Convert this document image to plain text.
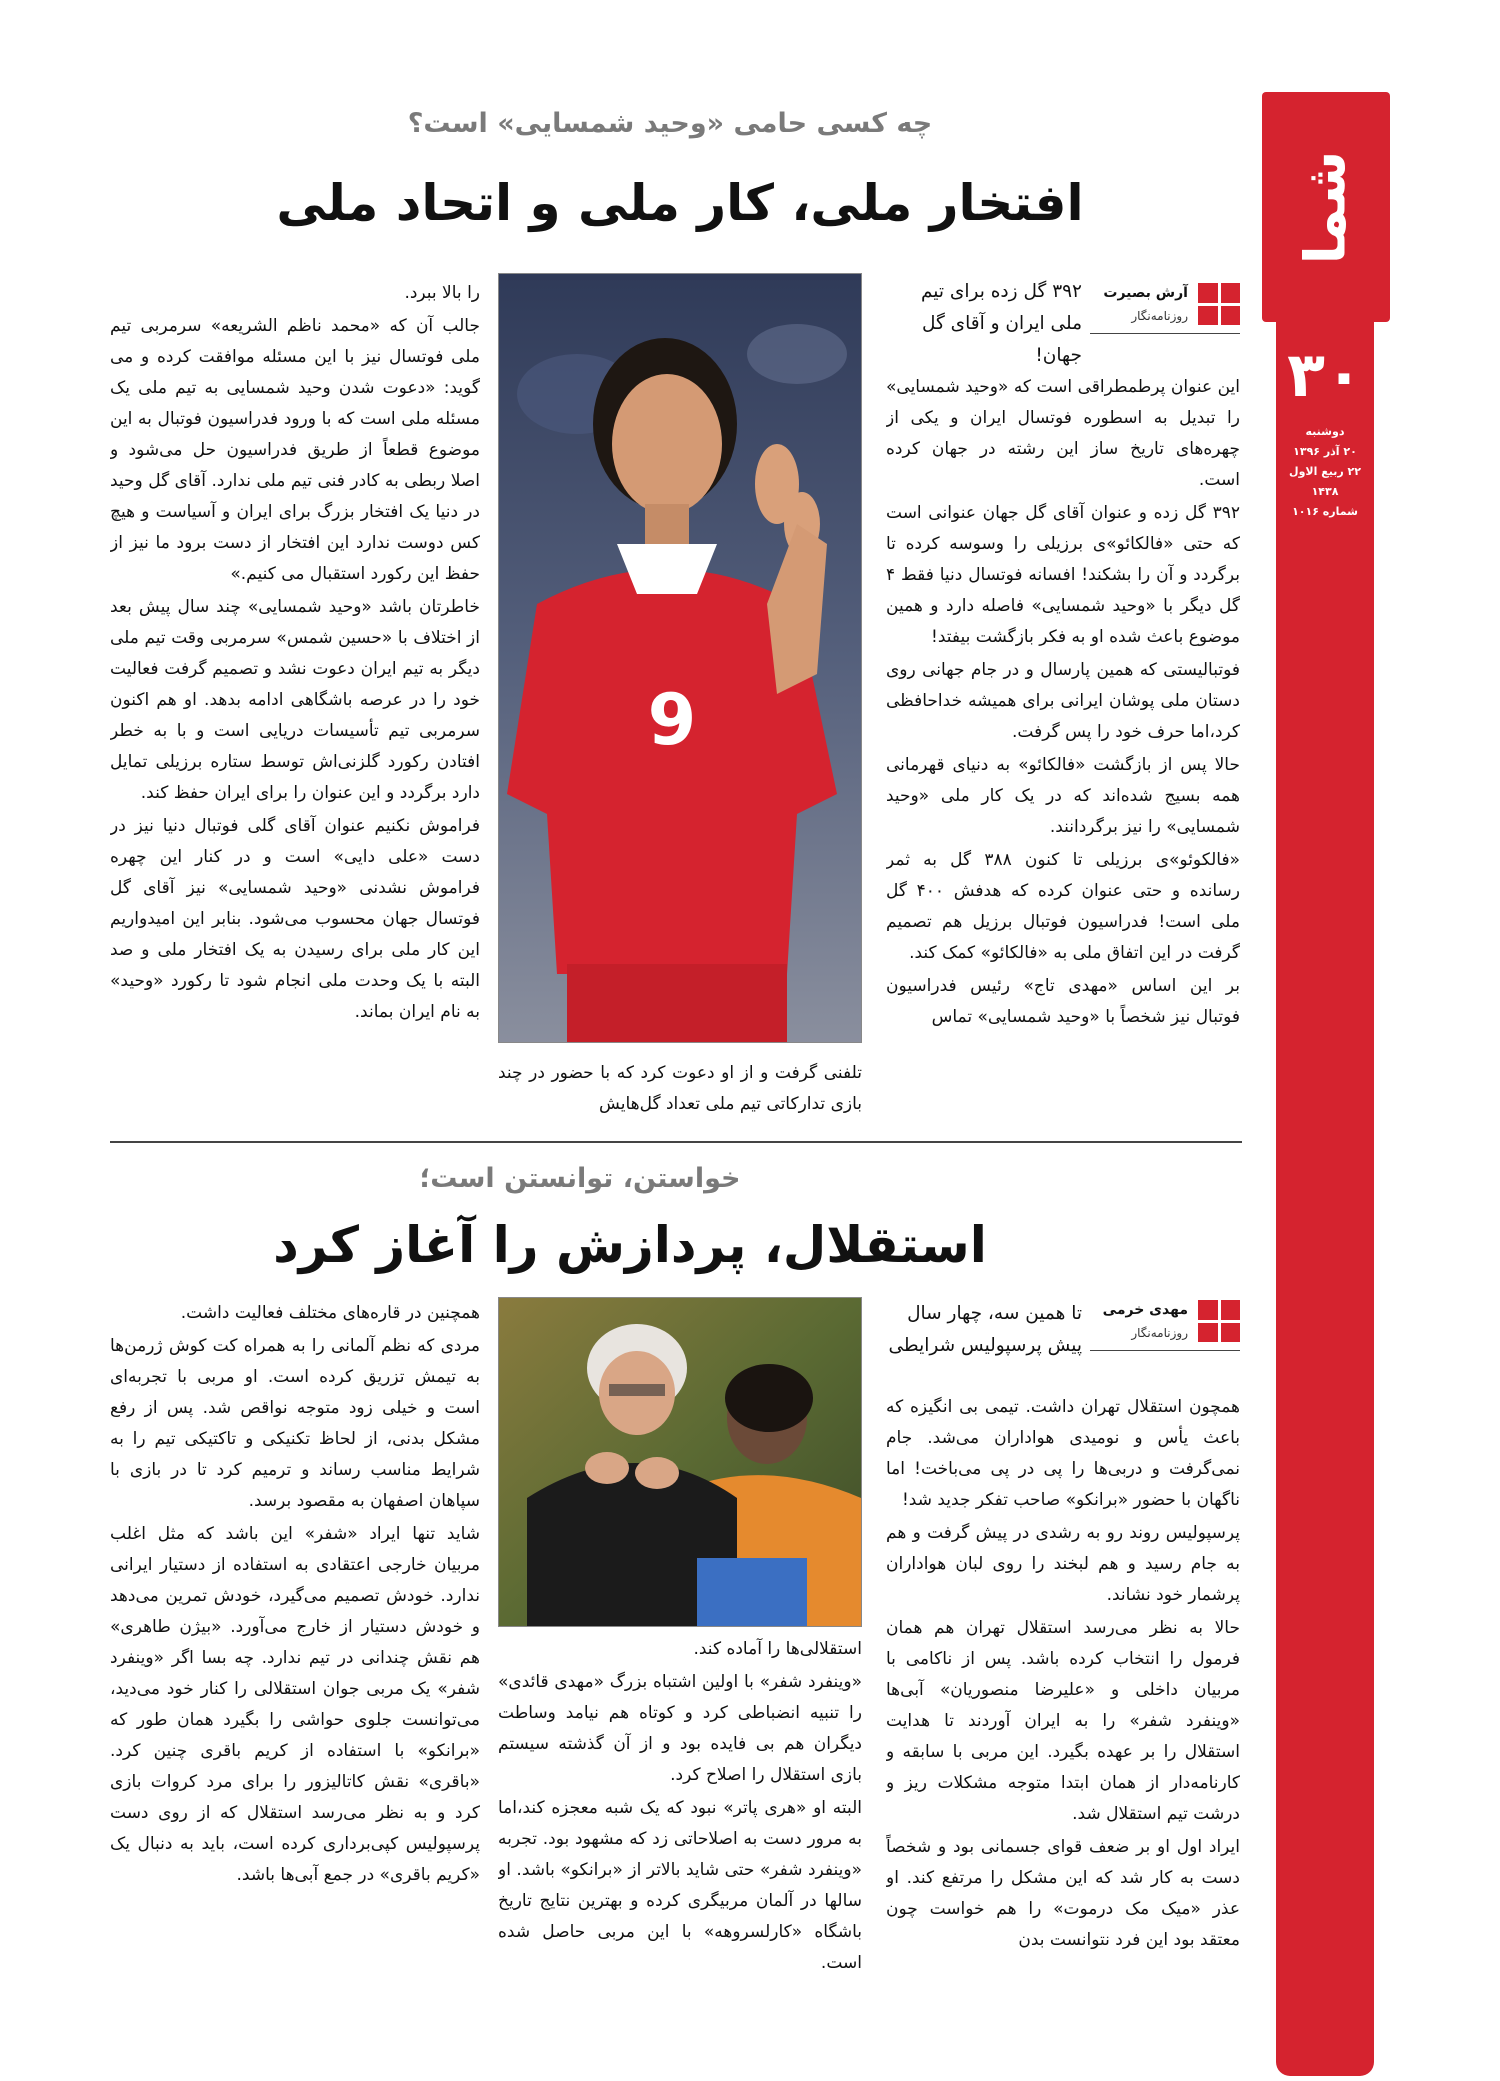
شما
۳۰
دوشنبه
۲۰ آذر ۱۳۹۶
۲۲ ربیع الاول ۱۴۳۸
شماره ۱۰۱۶
چه کسی حامی «وحید شمسایی» است؟
افتخار ملی، کار ملی و اتحاد ملی
آرش بصیرت
روزنامه‌نگار
۳۹۲ گل زده برای تیم ملی ایران و آقای گل جهان!

این عنوان پرطمطراقی است که «وحید شمسایی» را تبدیل به اسطوره فوتسال ایران و یکی از چهره‌های تاریخ ساز این رشته در جهان کرده است.

۳۹۲ گل زده و عنوان آقای گل جهان عنوانی است که حتی «فالکائو»ی برزیلی را وسوسه کرده تا برگردد و آن را بشکند! افسانه فوتسال دنیا فقط ۴ گل دیگر با «وحید شمسایی» فاصله دارد و همین موضوع باعث شده او به فکر بازگشت بیفتد!

فوتبالیستی که همین پارسال و در جام جهانی روی دستان ملی پوشان ایرانی برای همیشه خداحافظی کرد،اما حرف خود را پس گرفت.

حالا پس از بازگشت «فالکائو» به دنیای قهرمانی همه بسیج شده‌اند که در یک کار ملی «وحید شمسایی» را نیز برگردانند.

«فالکوئو»ی برزیلی تا کنون ۳۸۸ گل به ثمر رسانده و حتی عنوان کرده که هدفش ۴۰۰ گل ملی است! فدراسیون فوتبال برزیل هم تصمیم گرفت در این اتفاق ملی به «فالکائو» کمک کند.

بر این اساس «مهدی تاج» رئیس فدراسیون فوتبال نیز شخصاً با «وحید شمسایی» تماس

9
تلفنی گرفت و از او دعوت کرد که با حضور در چند بازی تدارکاتی تیم ملی تعداد گل‌هایش

را بالا ببرد.

جالب آن که «محمد ناظم الشریعه» سرمربی تیم ملی فوتسال نیز با این مسئله موافقت کرده و می گوید: «دعوت شدن وحید شمسایی به تیم ملی یک مسئله ملی است که با ورود فدراسیون فوتبال به این موضوع قطعاً از طریق فدراسیون حل می‌شود و اصلا ربطی به کادر فنی تیم ملی ندارد. آقای گل وحید در دنیا یک افتخار بزرگ برای ایران و آسیاست و هیچ کس دوست ندارد این افتخار از دست برود ما نیز از حفظ این رکورد استقبال می کنیم.»

خاطرتان باشد «وحید شمسایی» چند سال پیش بعد از اختلاف با «حسین شمس» سرمربی وقت تیم ملی دیگر به تیم ایران دعوت نشد و تصمیم گرفت فعالیت خود را در عرصه باشگاهی ادامه بدهد. او هم اکنون سرمربی تیم تأسیسات دریایی است و با به خطر افتادن رکورد گلزنی‌اش توسط ستاره برزیلی تمایل دارد برگردد و این عنوان را برای ایران حفظ کند.

فراموش نکنیم عنوان آقای گلی فوتبال دنیا نیز در دست «علی دایی» است و در کنار این چهره فراموش نشدنی «وحید شمسایی» نیز آقای گل فوتسال جهان محسوب می‌شود. بنابر این امیدواریم این کار ملی برای رسیدن به یک افتخار ملی و صد البته با یک وحدت ملی انجام شود تا رکورد «وحید» به نام ایران بماند.

خواستن، توانستن است؛
استقلال، پردازش را آغاز کرد
مهدی خرمی
روزنامه‌نگار
تا همین سه، چهار سال پیش پرسپولیس شرایطی

همچون استقلال تهران داشت. تیمی بی انگیزه که باعث یأس و نومیدی هواداران می‌شد. جام نمی‌گرفت و دربی‌ها را پی در پی می‌باخت! اما ناگهان با حضور «برانکو» صاحب تفکر جدید شد!

پرسپولیس روند رو به رشدی در پیش گرفت و هم به جام رسید و هم لبخند را روی لبان هواداران پرشمار خود نشاند.

حالا به نظر می‌رسد استقلال تهران هم همان فرمول را انتخاب کرده باشد. پس از ناکامی با مربیان داخلی و «علیرضا منصوریان» آبی‌ها «وینفرد شفر» را به ایران آوردند تا هدایت استقلال را بر عهده بگیرد. این مربی با سابقه و کارنامه‌دار از همان ابتدا متوجه مشکلات ریز و درشت تیم استقلال شد.

ایراد اول او بر ضعف قوای جسمانی بود و شخصاً دست به کار شد که این مشکل را مرتفع کند. او عذر «میک مک درموت» را هم خواست چون معتقد بود این فرد نتوانست بدن

استقلالی‌ها را آماده کند.

«وینفرد شفر» با اولین اشتباه بزرگ «مهدی قائدی» را تنبیه انضباطی کرد و کوتاه هم نیامد وساطت دیگران هم بی فایده بود و از آن گذشته سیستم بازی استقلال را اصلاح کرد.

البته او «هری پاتر» نبود که یک شبه معجزه کند،اما به مرور دست به اصلاحاتی زد که مشهود بود. تجربه «وینفرد شفر» حتی شاید بالاتر از «برانکو» باشد. او سالها در آلمان مربیگری کرده و بهترین نتایج تاریخ باشگاه «کارلسروهه» با این مربی حاصل شده است.

همچنین در قاره‌های مختلف فعالیت داشت.

مردی که نظم آلمانی را به همراه کت کوش ژرمن‌ها به تیمش تزریق کرده است. او مربی با تجربه‌ای است و خیلی زود متوجه نواقص شد. پس از رفع مشکل بدنی، از لحاظ تکنیکی و تاکتیکی تیم را به شرایط مناسب رساند و ترمیم کرد تا در بازی با سپاهان اصفهان به مقصود برسد.

شاید تنها ایراد «شفر» این باشد که مثل اغلب مربیان خارجی اعتقادی به استفاده از دستیار ایرانی ندارد. خودش تصمیم می‌گیرد، خودش تمرین می‌دهد و خودش دستیار از خارج می‌آورد. «بیژن طاهری» هم نقش چندانی در تیم ندارد. چه بسا اگر «وینفرد شفر» یک مربی جوان استقلالی را کنار خود می‌دید، می‌توانست جلوی حواشی را بگیرد همان طور که «برانکو» با استفاده از کریم باقری چنین کرد. «باقری» نقش کاتالیزور را برای مرد کروات بازی کرد و به نظر می‌رسد استقلال که از روی دست پرسپولیس کپی‌برداری کرده است، باید به دنبال یک «کریم باقری» در جمع آبی‌ها باشد.
